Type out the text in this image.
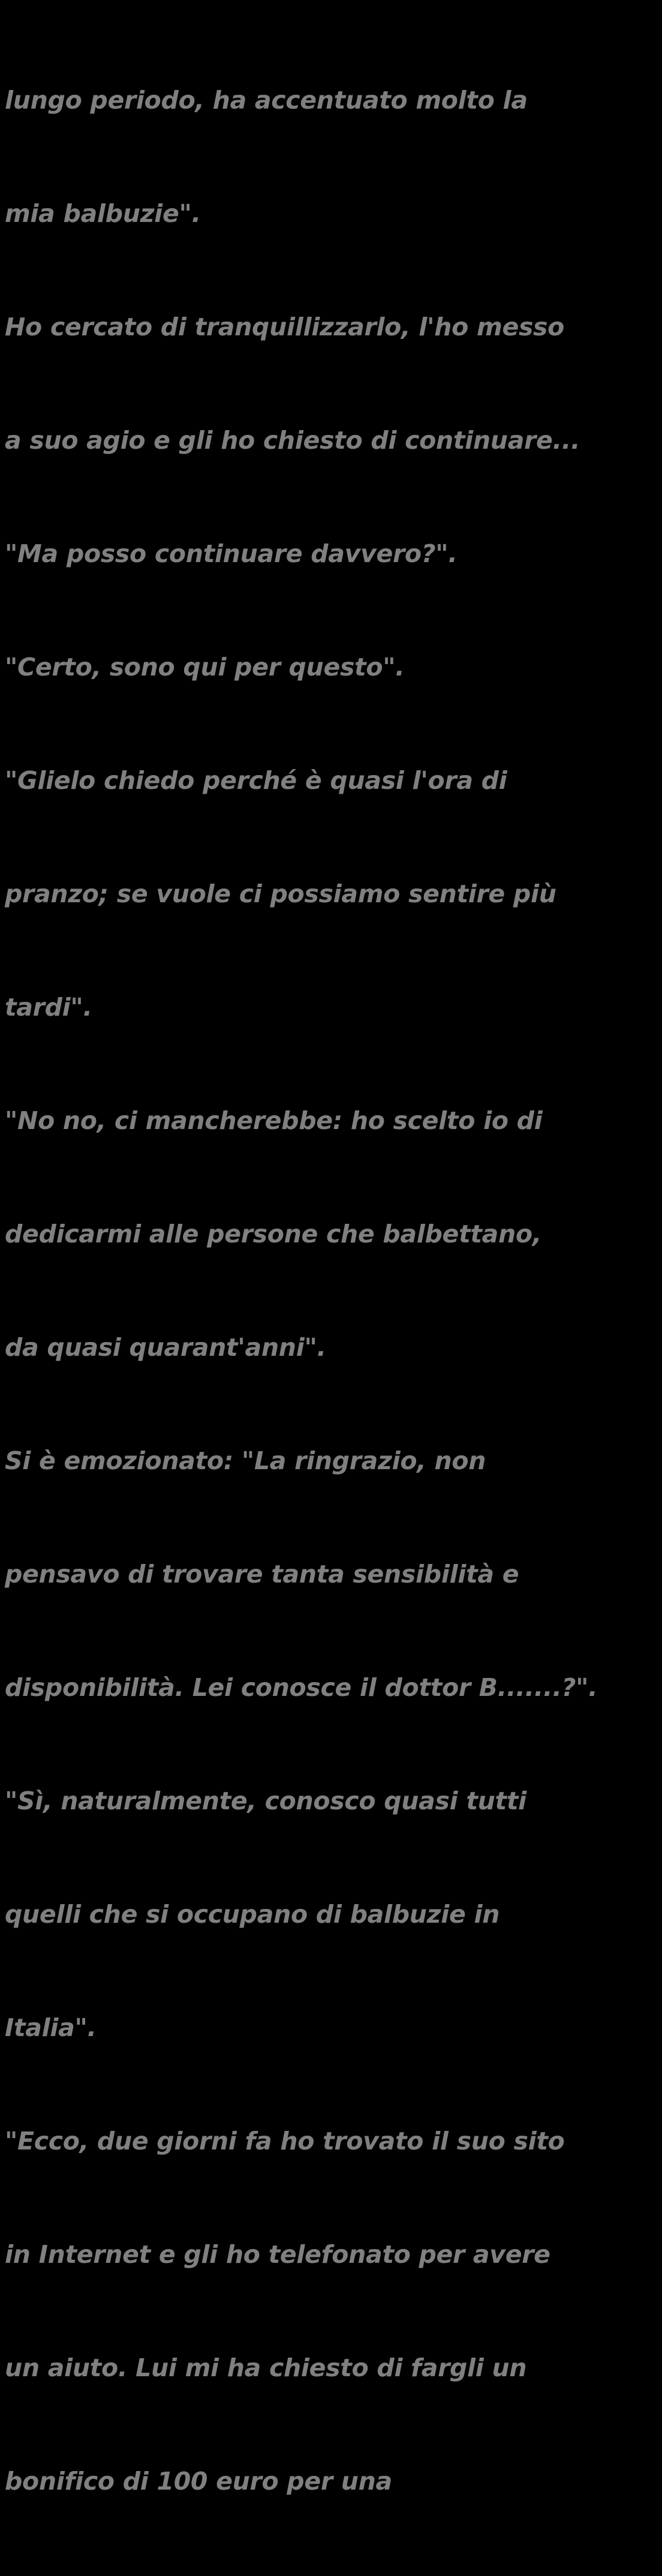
lungo periodo, ha accentuato molto la

mia balbuzie".

Ho cercato di tranquillizzarlo, l'ho messo

a suo agio e gli ho chiesto di continuare...

"Ma posso continuare davvero?".

"Certo, sono qui per questo".

"Glielo chiedo perché è quasi l'ora di

pranzo; se vuole ci possiamo sentire più

tardi".

"No no, ci mancherebbe: ho scelto io di

dedicarmi alle persone che balbettano,

da quasi quarant'anni".

Si è emozionato: "La ringrazio, non

pensavo di trovare tanta sensibilità e

disponibilità. Lei conosce il dottor B.......?".

"Sì, naturalmente, conosco quasi tutti

quelli che si occupano di balbuzie in

Italia".

"Ecco, due giorni fa ho trovato il suo sito

in Internet e gli ho telefonato per avere

un aiuto. Lui mi ha chiesto di fargli un

bonifico di 100 euro per una
